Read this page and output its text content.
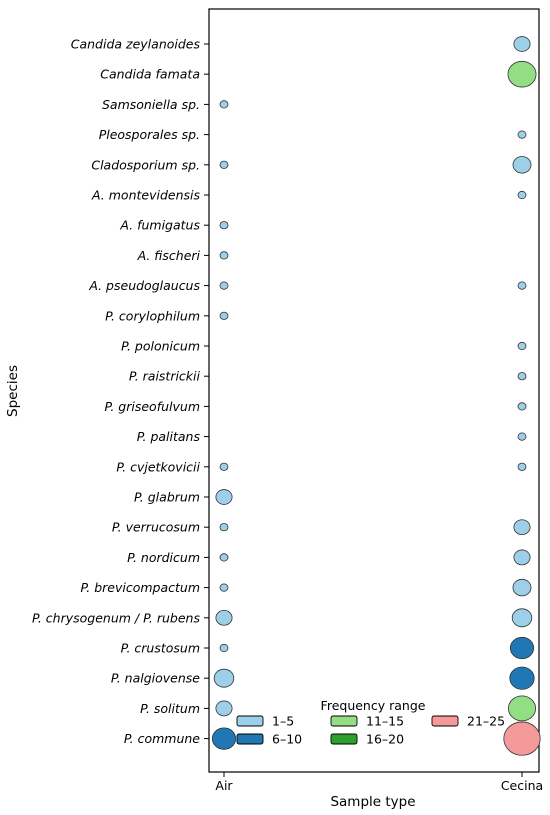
Candida zeylanoides
Candida famata
Samsoniella sp.
Pleosporales sp.
Cladosporium sp.
A. montevidensis
A. fumigatus
A. fischeri
A. pseudoglaucus
P. corylophilum
P. polonicum
P. raistrickii
P. griseofulvum
P. palitans
P. cvjetkovicii
P. glabrum
P. verrucosum
P. nordicum
P. brevicompactum
P. chrysogenum / P. rubens
P. crustosum
P. nalgiovense
P. solitum
P. commune
Air	Cecina
Species
Sample type
Frequency range
1–5
6–10
11–15
16–20
21–25
